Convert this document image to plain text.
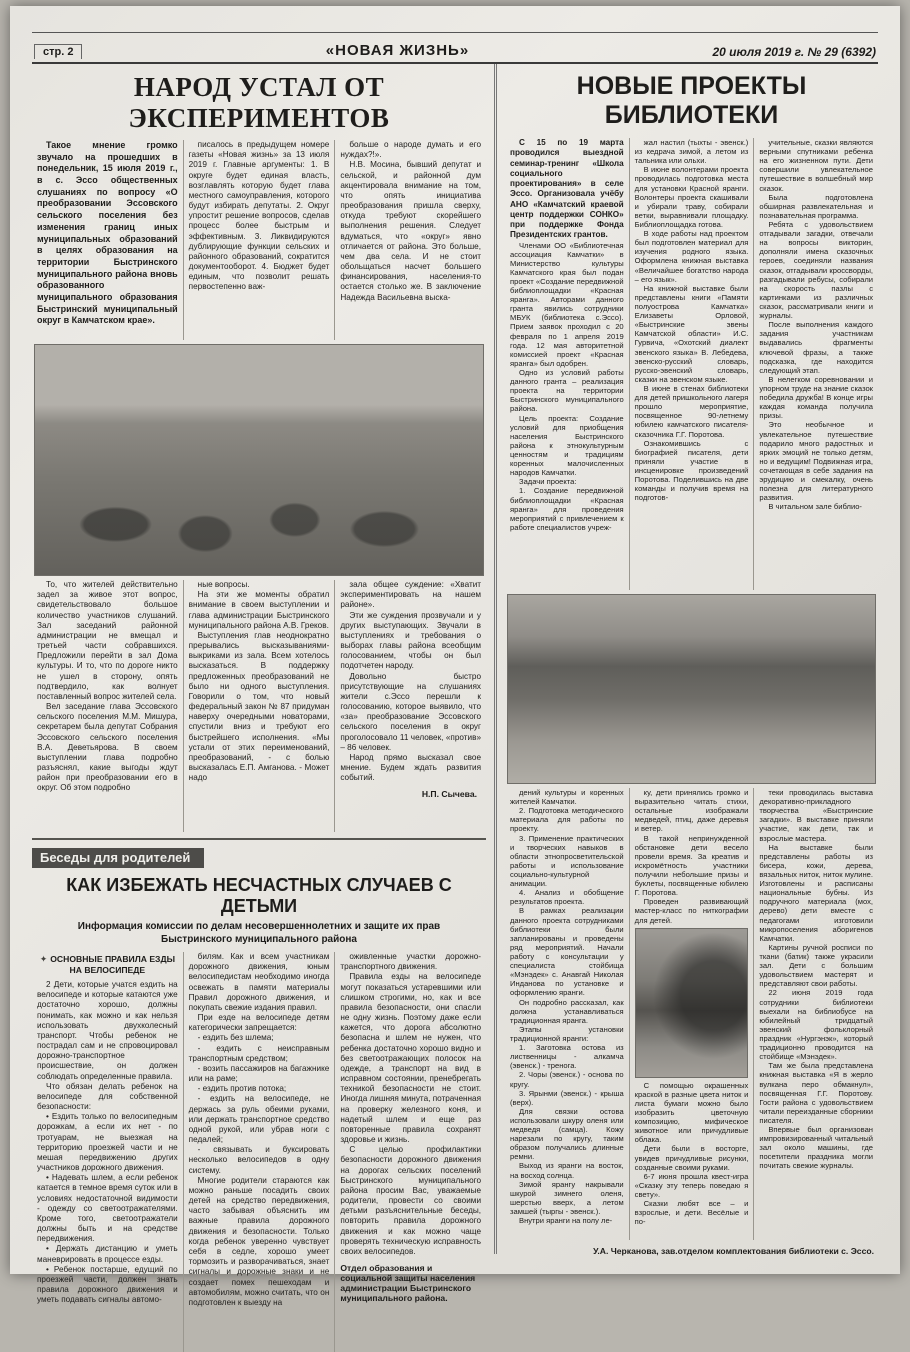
стр. 2	«НОВАЯ ЖИЗНЬ»	20 июля 2019 г. № 29 (6392)
НАРОД УСТАЛ ОТ ЭКСПЕРИМЕНТОВ

Такое мнение громко звучало на прошедших в понедельник, 15 июля 2019 г., в с. Эссо общественных слушаниях по вопросу «О преобразовании Эссовского сельского поселения без изменения границ иных муниципальных образований в целях образования на территории Быстринского муниципального района вновь образованного муниципального образования Быстринский муниципальный округ в Камчатском крае».

писалось в предыдущем номере газеты «Новая жизнь» за 13 июля 2019 г. Главные аргументы: 1. В округе будет единая власть, возглавлять которую будет глава местного самоуправления, которого будут избирать депутаты. 2. Округ упростит решение вопросов, сделав процесс более быстрым и эффективным. 3. Ликвидируются дублирующие функции сельских и районного образований, сократится документооборот. 4. Бюджет будет единым, что позволит решать первостепенно важ-

больше о народе думать и его нуждах?!».

Н.В. Мосина, бывший депутат и сельской, и районной дум акцентировала внимание на том, что опять инициатива преобразования пришла сверху, откуда требуют скорейшего выполнения решения. Следует вдуматься, что «округ» явно отличается от района. Это больше, чем два села. И не стоит обольщаться насчет большего финансирования, населения-то остается столько же. В заключение Надежда Васильевна выска-

То, что жителей действительно задел за живое этот вопрос, свидетельствовало большое количество участников слушаний. Зал заседаний районной администрации не вмещал и третьей части собравшихся. Предложили перейти в зал Дома культуры. И то, что по дороге никто не ушел в сторону, опять подтвердило, как волнует поставленный вопрос жителей села.

Вел заседание глава Эссовского сельского поселения М.М. Мишура, секретарем была депутат Собрания Эссовского сельского поселения В.А. Деветьярова. В своем выступлении глава подробно разъяснял, какие выгоды ждут район при преобразовании его в округ. Об этом подробно

ные вопросы.

На эти же моменты обратил внимание в своем выступлении и глава администрации Быстринского муниципального района А.В. Греков.

Выступления глав неоднократно прерывались высказываниями-выкриками из зала. Всем хотелось высказаться. В поддержку предложенных преобразований не было ни одного выступления. Говорили о том, что новый федеральный закон № 87 придуман наверху очередными новаторами, спустили вниз и требуют его быстрейшего исполнения. «Мы устали от этих переименований, преобразований, - с болью высказалась Е.П. Амганова. - Может надо

зала общее суждение: «Хватит экспериментировать на нашем районе».

Эти же суждения прозвучали и у других выступающих. Звучали в выступлениях и требования о выборах главы района всеобщим голосованием, чтобы он был подотчетен народу.

Довольно быстро присутствующие на слушаниях жители с.Эссо перешли к голосованию, которое выявило, что «за» преобразование Эссовского сельского поселения в округ проголосовало 11 человек, «против» – 86 человек.

Народ прямо высказал свое мнение. Будем ждать развития событий.

Н.П. Сычева.
Беседы для родителей
КАК ИЗБЕЖАТЬ НЕСЧАСТНЫХ СЛУЧАЕВ С ДЕТЬМИ
Информация комиссии по делам несовершеннолетних и защите их прав Быстринского муниципального района
✦ ОСНОВНЫЕ ПРАВИЛА ЕЗДЫ НА ВЕЛОСИПЕДЕ

2 Дети, которые учатся ездить на велосипеде и которые катаются уже достаточно хорошо, должны понимать, как можно и как нельзя использовать двухколесный транспорт. Чтобы ребенок не пострадал сам и не спровоцировал дорожно-транспортное происшествие, он должен соблюдать определенные правила.

Что обязан делать ребенок на велосипеде для собственной безопасности:

• Ездить только по велосипедным дорожкам, а если их нет - по тротуарам, не выезжая на территорию проезжей части и не мешая передвижению других участников дорожного движения.

• Надевать шлем, а если ребенок катается в темное время суток или в условиях недостаточной видимости - одежду со светоотражателями. Кроме того, светоотражатели должны быть и на средстве передвижения.

• Держать дистанцию и уметь маневрировать в процессе езды.

• Ребенок постарше, едущий по проезжей части, должен знать правила дорожного движения и уметь подавать сигналы автомо-

билям. Как и всем участникам дорожного движения, юным велосипедистам необходимо иногда освежать в памяти материалы Правил дорожного движения, и покупать свежие издания правил.

При езде на велосипеде детям категорически запрещается:

- ездить без шлема;

- ездить с неисправным транспортным средством;

- возить пассажиров на багажнике или на раме;

- ездить против потока;

- ездить на велосипеде, не держась за руль обеими руками, или держать транспортное средство одной рукой, или убрав ноги с педалей;

- связывать и буксировать несколько велосипедов в одну систему.

Многие родители стараются как можно раньше посадить своих детей на средство передвижения, часто забывая объяснить им важные правила дорожного движения и безопасности. Только когда ребенок уверенно чувствует себя в седле, хорошо умеет тормозить и разворачиваться, знает сигналы и дорожные знаки и не создает помех пешеходам и автомобилям, можно считать, что он подготовлен к выезду на

оживленные участки дорожно-транспортного движения.

Правила езды на велосипеде могут показаться устаревшими или слишком строгими, но, как и все правила безопасности, они спасли не одну жизнь. Поэтому даже если кажется, что дорога абсолютно безопасна и шлем не нужен, что ребенка достаточно хорошо видно и без светоотражающих полосок на одежде, а транспорт на вид в исправном состоянии, пренебрегать техникой безопасности не стоит. Иногда лишняя минута, потраченная на проверку железного коня, и надетый шлем и еще раз повторенные правила сохранят здоровье и жизнь.

С целью профилактики безопасности дорожного движения на дорогах сельских поселений Быстринского муниципального района просим Вас, уважаемые родители, провести со своими детьми разъяснительные беседы, повторить правила дорожного движения и как можно чаще проверять техническую исправность своих велосипедов.

Отдел образования и социальной защиты населения администрации Быстринского муниципального района.
НОВЫЕ ПРОЕКТЫ БИБЛИОТЕКИ

С 15 по 19 марта проводился выездной семинар-тренинг «Школа социального проектирования» в селе Эссо. Организовала учёбу АНО «Камчатский краевой центр поддержки СОНКО» при поддержке Фонда Президентских грантов.

Членами ОО «Библиотечная ассоциация Камчатки» в Министерство культуры Камчатского края был подан проект «Создание передвижной библиоплощадки «Красная яранга». Авторами данного гранта явились сотрудники МБУК (библиотека с.Эссо). Прием заявок проходил с 20 февраля по 1 апреля 2019 года. 12 мая авторитетной комиссией проект «Красная яранга» был одобрен.

Одно из условий работы данного гранта – реализация проекта на территории Быстринского муниципального района.

Цель проекта: Создание условий для приобщения населения Быстринского района к этнокультурным ценностям и традициям коренных малочисленных народов Камчатки.

Задачи проекта:

1. Создание передвижной библиоплощадки «Красная яранга» для проведения мероприятий с привлечением к работе специалистов учреж-

жал настил (тыхты - эвенск.) из кедрача зимой, а летом из тальника или ольхи.

В июне волонтерами проекта проводилась подготовка места для установки Красной яранги. Волонтеры проекта скашивали и убирали траву, собирали ветки, выравнивали площадку. Библиоплощадка готова.

В ходе работы над проектом был подготовлен материал для изучения родного языка. Оформлена книжная выставка «Величайшее богатство народа – его язык».

На книжной выставке были представлены книги «Памяти полуострова Камчатка» Елизаветы Орловой, «Быстринские эвены Камчатской области» И.С. Гурвича, «Охотский диалект эвенского языка» В. Лебедева, эвенско-русский словарь, русско-эвенский словарь, сказки на эвенском языке.

В июне в стенах библиотеки для детей пришкольного лагеря прошло мероприятие, посвященное 90-летнему юбилею камчатского писателя-сказочника Г.Г. Поротова.

Ознакомившись с биографией писателя, дети приняли участие в инсценировке произведений Поротова. Поделившись на две команды и получив время на подготов-

учительные, сказки являются верными спутниками ребенка на его жизненном пути. Дети совершили увлекательное путешествие в волшебный мир сказок.

Была подготовлена обширная развлекательная и познавательная программа.

Ребята с удовольствием отгадывали загадки, отвечали на вопросы викторин, дополняли имена сказочных героев, соединяли названия сказок, отгадывали кроссворды, разгадывали ребусы, собирали на скорость пазлы с картинками из различных сказок, рассматривали книги и журналы.

После выполнения каждого задания участникам выдавались фрагменты ключевой фразы, а также подсказка, где находится следующий этап.

В нелегком соревновании и упорном труде на знание сказок победила дружба! В конце игры каждая команда получила призы.

Это необычное и увлекательное путешествие подарило много радостных и ярких эмоций не только детям, но и ведущим! Подвижная игра, сочетающая в себе задания на эрудицию и смекалку, очень полезна для литературного развития.

В читальном зале библио-

дений культуры и коренных жителей Камчатки.

2. Подготовка методического материала для работы по проекту.

3. Применение практических и творческих навыков в области этнопросветительской работы и использование социально-культурной анимации.

4. Анализ и обобщение результатов проекта.

В рамках реализации данного проекта сотрудниками библиотеки были запланированы и проведены ряд мероприятий. Начали работу с консультации у специалиста стойбища «Мэнэдек» с. Анавгай Николая Инданова по установке и оформлению яранги.

Он подробно рассказал, как должна устанавливаться традиционная яранга.

Этапы установки традиционной яранги:

1. Заготовка остова из лиственницы - алкамча (эвенск.) - тренога.

2. Чоры (эвенск.) - основа по кругу.

3. Ярынми (эвенск.) - крыша (верх).

Для связки остова использовали шкуру оленя или медведя (самца). Кожу нарезали по кругу, таким образом получались длинные ремни.

Выход из яранги на восток, на восход солнца.

Зимой ярангу накрывали шкурой зимнего оленя, шерстью вверх, а летом замшей (тыргы - эвенск.).

Внутри яранги на полу ле-

ку, дети принялись громко и выразительно читать стихи, остальные изображали медведей, птиц, даже деревья и ветер.

В такой непринужденной обстановке дети весело провели время. За креатив и искромётность участники получили небольшие призы и буклеты, посвященные юбилею Г. Поротова.

Проведен развивающий мастер-класс по ниткографии для детей.

С помощью окрашенных краской в разные цвета ниток и листа бумаги можно было изобразить цветочную композицию, мифическое животное или причудливые облака.

Дети были в восторге, увидев причудливые рисунки, созданные своими руками.

6-7 июня прошла квест-игра «Сказку эту теперь поведаю я свету».

Сказки любят все – и взрослые, и дети. Весёлые и по-

теки проводилась выставка декоративно-прикладного творчества «Быстринские загадки». В выставке приняли участие, как дети, так и взрослые мастера.

На выставке были представлены работы из бисера, кожи, дерева, вязальных ниток, ниток мулине. Изготовлены и расписаны национальные бубны. Из подручного материала (мох, дерево) дети вместе с педагогами изготовили микропоселения аборигенов Камчатки.

Картины ручной росписи по ткани (батик) также украсили зал. Дети с большим удовольствием мастерят и представляют свои работы.

22 июня 2019 года сотрудники библиотеки выехали на библиобусе на юбилейный тридцатый эвенский фольклорный праздник «Нургэнэк», который традиционно проводится на стойбище «Мэнэдек».

Там же была представлена книжная выставка «Я в жерло вулкана перо обмакнул», посвященная Г.Г. Поротову. Гости района с удовольствием читали переизданные сборники писателя.

Впервые был организован импровизированный читальный зал около машины, где посетители праздника могли почитать свежие журналы.

У.А. Черканова, зав.отделом комплектования библиотеки с. Эссо.
